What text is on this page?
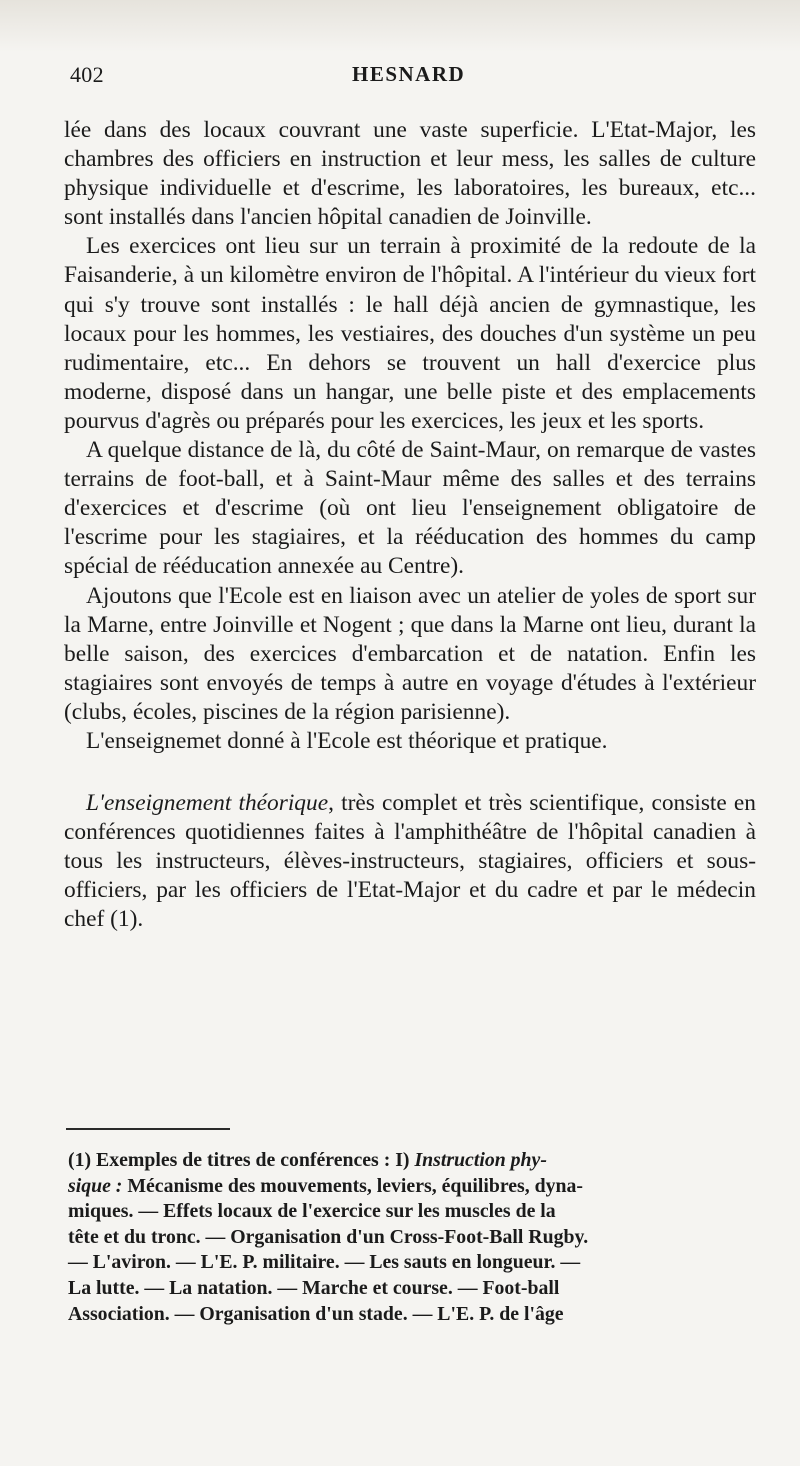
402	HESNARD

lée dans des locaux couvrant une vaste superficie. L'Etat-Major, les chambres des officiers en instruction et leur mess, les salles de culture physique individuelle et d'escrime, les laboratoires, les bureaux, etc... sont installés dans l'ancien hôpital canadien de Joinville.

Les exercices ont lieu sur un terrain à proximité de la redoute de la Faisanderie, à un kilomètre environ de l'hôpital. A l'intérieur du vieux fort qui s'y trouve sont installés : le hall déjà ancien de gymnastique, les locaux pour les hommes, les vestiaires, des douches d'un système un peu rudimentaire, etc... En dehors se trouvent un hall d'exercice plus moderne, disposé dans un hangar, une belle piste et des emplacements pourvus d'agrès ou préparés pour les exercices, les jeux et les sports.

A quelque distance de là, du côté de Saint-Maur, on remarque de vastes terrains de foot-ball, et à Saint-Maur même des salles et des terrains d'exercices et d'escrime (où ont lieu l'enseignement obligatoire de l'escrime pour les stagiaires, et la rééducation des hommes du camp spécial de rééducation annexée au Centre).

Ajoutons que l'Ecole est en liaison avec un atelier de yoles de sport sur la Marne, entre Joinville et Nogent ; que dans la Marne ont lieu, durant la belle saison, des exercices d'embarcation et de natation. Enfin les stagiaires sont envoyés de temps à autre en voyage d'études à l'extérieur (clubs, écoles, piscines de la région parisienne).

L'enseignemet donné à l'Ecole est théorique et pratique.

L'enseignement théorique, très complet et très scientifique, consiste en conférences quotidiennes faites à l'amphithéâtre de l'hôpital canadien à tous les instructeurs, élèves-instructeurs, stagiaires, officiers et sous-officiers, par les officiers de l'Etat-Major et du cadre et par le médecin chef (1).

(1) Exemples de titres de conférences : I) Instruction phy-
sique : Mécanisme des mouvements, leviers, équilibres, dyna-
miques. — Effets locaux de l'exercice sur les muscles de la
tête et du tronc. — Organisation d'un Cross-Foot-Ball Rugby.
— L'aviron. — L'E. P. militaire. — Les sauts en longueur. —
La lutte. — La natation. — Marche et course. — Foot-ball
Association. — Organisation d'un stade. — L'E. P. de l'âge
